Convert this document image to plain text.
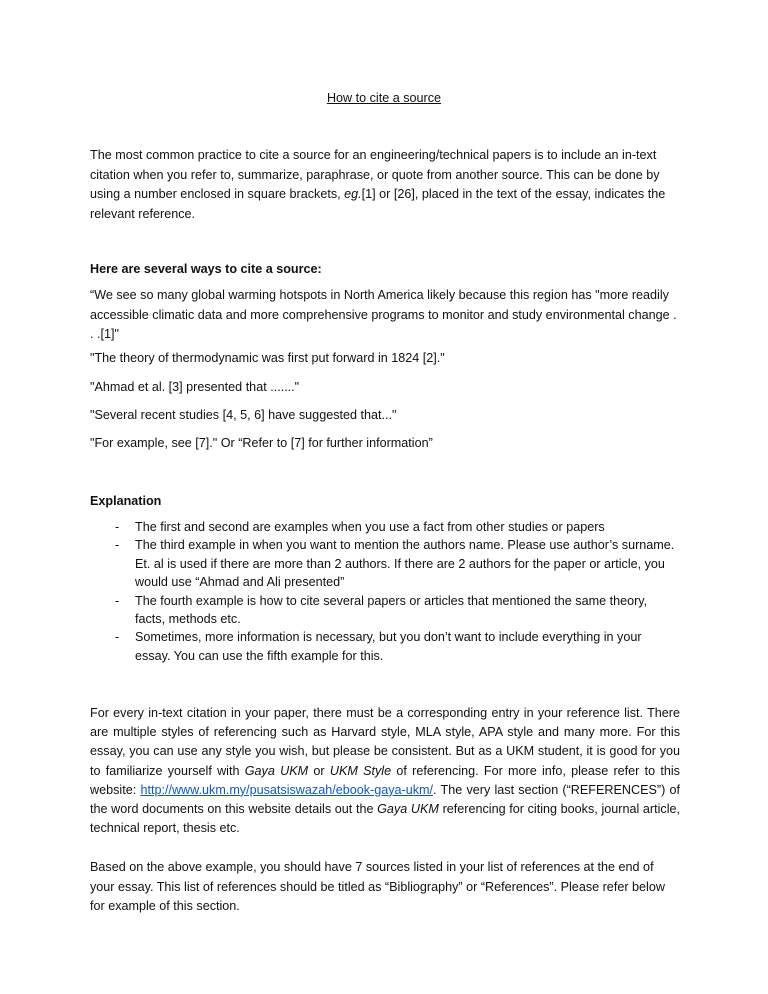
How to cite a source

The most common practice to cite a source for an engineering/technical papers is to include an in-text citation when you refer to, summarize, paraphrase, or quote from another source. This can be done by using a number enclosed in square brackets, eg.[1] or [26], placed in the text of the essay, indicates the relevant reference.

Here are several ways to cite a source:

“We see so many global warming hotspots in North America likely because this region has "more readily accessible climatic data and more comprehensive programs to monitor and study environmental change . . .[1]"

"The theory of thermodynamic was first put forward in 1824 [2]."

"Ahmad et al. [3] presented that ......."

"Several recent studies [4, 5, 6] have suggested that..."

"For example, see [7]." Or “Refer to [7] for further information”

Explanation

- The first and second are examples when you use a fact from other studies or papers
- The third example in when you want to mention the authors name. Please use author’s surname. Et. al is used if there are more than 2 authors. If there are 2 authors for the paper or article, you would use “Ahmad and Ali presented”
- The fourth example is how to cite several papers or articles that mentioned the same theory, facts, methods etc.
- Sometimes, more information is necessary, but you don’t want to include everything in your essay. You can use the fifth example for this.

For every in-text citation in your paper, there must be a corresponding entry in your reference list. There are multiple styles of referencing such as Harvard style, MLA style, APA style and many more. For this essay, you can use any style you wish, but please be consistent. But as a UKM student, it is good for you to familiarize yourself with Gaya UKM or UKM Style of referencing. For more info, please refer to this website: http://www.ukm.my/pusatsiswazah/ebook-gaya-ukm/. The very last section (“REFERENCES”) of the word documents on this website details out the Gaya UKM referencing for citing books, journal article, technical report, thesis etc.

Based on the above example, you should have 7 sources listed in your list of references at the end of your essay. This list of references should be titled as “Bibliography” or “References”. Please refer below for example of this section.
